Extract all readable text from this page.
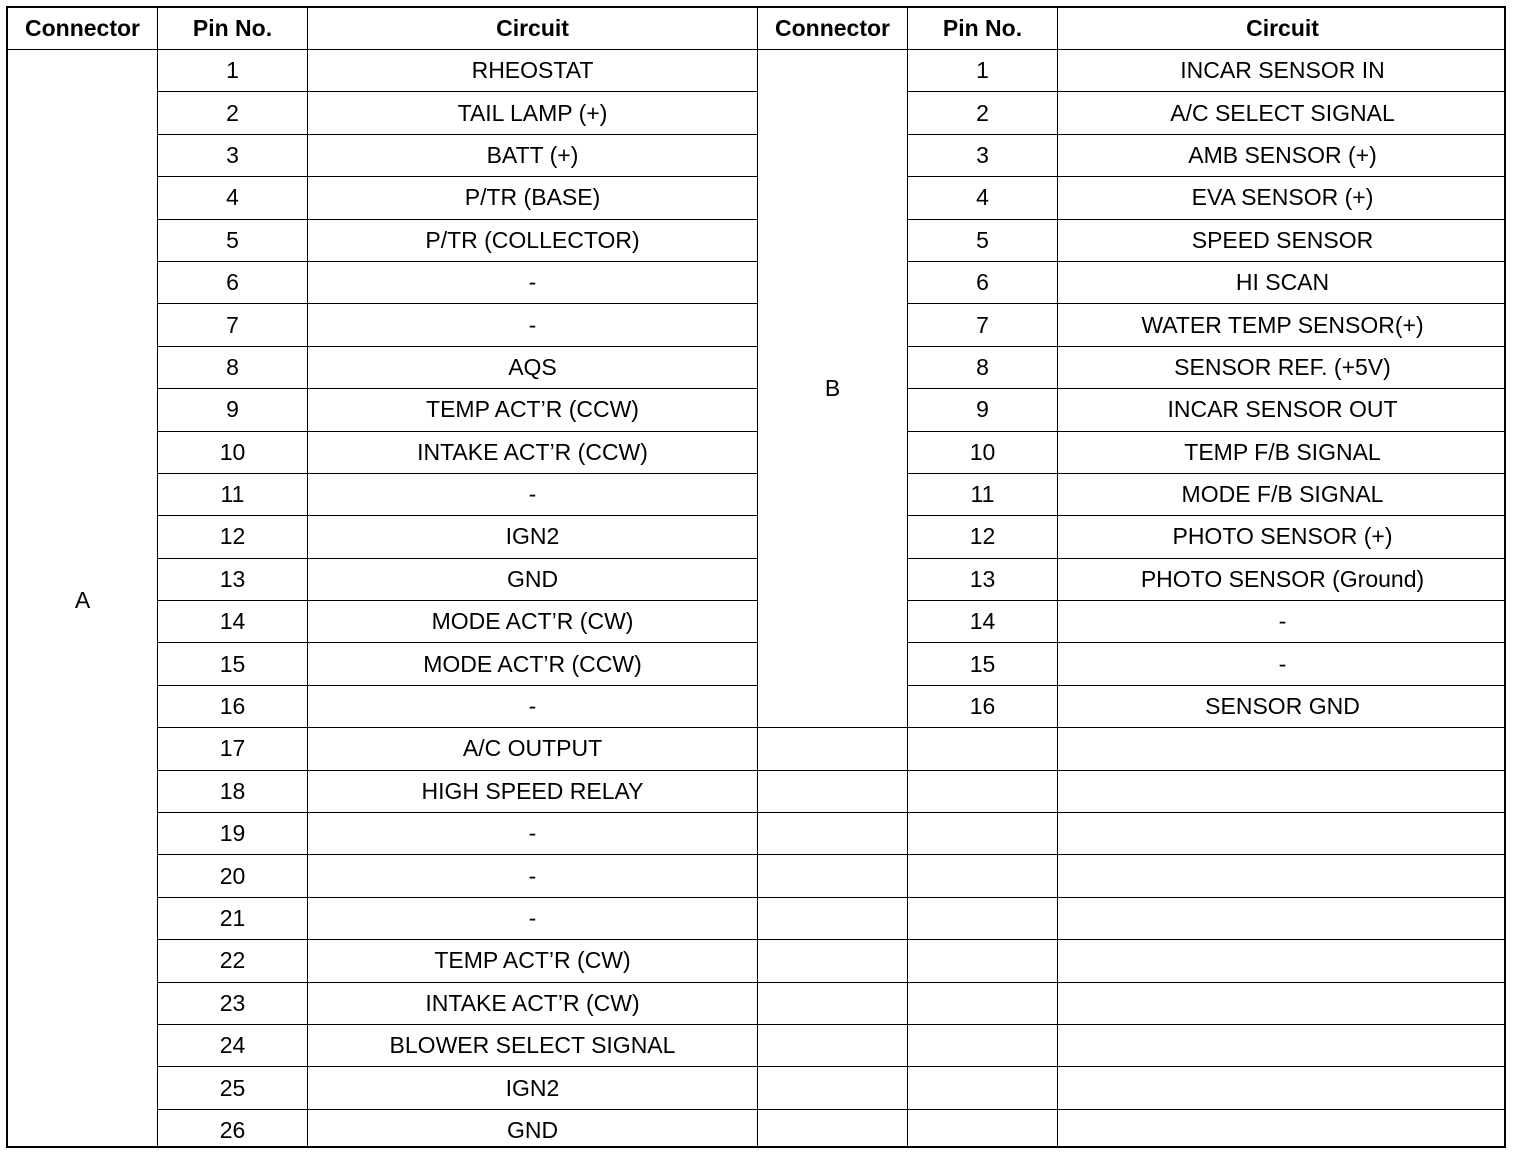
Connector	Pin No.	Circuit	Connector	Pin No.	Circuit
A	1	RHEOSTAT	B	1	INCAR SENSOR IN
	2	TAIL LAMP (+)		2	A/C SELECT SIGNAL
	3	BATT (+)		3	AMB SENSOR (+)
	4	P/TR (BASE)		4	EVA SENSOR (+)
	5	P/TR (COLLECTOR)		5	SPEED SENSOR
	6	-		6	HI SCAN
	7	-		7	WATER TEMP SENSOR(+)
	8	AQS		8	SENSOR REF. (+5V)
	9	TEMP ACT’R (CCW)		9	INCAR SENSOR OUT
	10	INTAKE ACT’R (CCW)		10	TEMP F/B SIGNAL
	11	-		11	MODE F/B SIGNAL
	12	IGN2		12	PHOTO SENSOR (+)
	13	GND		13	PHOTO SENSOR (Ground)
	14	MODE ACT’R (CW)		14	-
	15	MODE ACT’R (CCW)		15	-
	16	-		16	SENSOR GND
	17	A/C OUTPUT			
	18	HIGH SPEED RELAY			
	19	-			
	20	-			
	21	-			
	22	TEMP ACT’R (CW)			
	23	INTAKE ACT’R (CW)			
	24	BLOWER SELECT SIGNAL			
	25	IGN2			
	26	GND			
